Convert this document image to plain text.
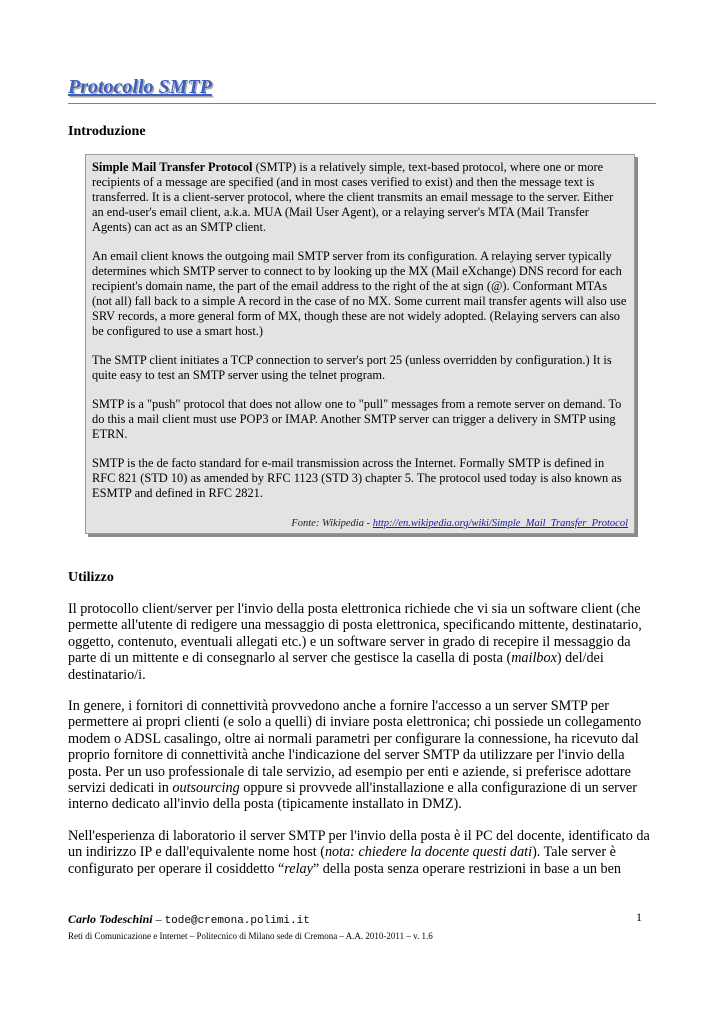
Protocollo SMTP
Introduzione

Simple Mail Transfer Protocol (SMTP) is a relatively simple, text-based protocol, where one or more recipients of a message are specified (and in most cases verified to exist) and then the message text is transferred. It is a client-server protocol, where the client transmits an email message to the server. Either an end-user's email client, a.k.a. MUA (Mail User Agent), or a relaying server's MTA (Mail Transfer Agents) can act as an SMTP client.

An email client knows the outgoing mail SMTP server from its configuration. A relaying server typically determines which SMTP server to connect to by looking up the MX (Mail eXchange) DNS record for each recipient's domain name, the part of the email address to the right of the at sign (@). Conformant MTAs (not all) fall back to a simple A record in the case of no MX. Some current mail transfer agents will also use SRV records, a more general form of MX, though these are not widely adopted. (Relaying servers can also be configured to use a smart host.)

The SMTP client initiates a TCP connection to server's port 25 (unless overridden by configuration.) It is quite easy to test an SMTP server using the telnet program.

SMTP is a "push" protocol that does not allow one to "pull" messages from a remote server on demand. To do this a mail client must use POP3 or IMAP. Another SMTP server can trigger a delivery in SMTP using ETRN.

SMTP is the de facto standard for e-mail transmission across the Internet. Formally SMTP is defined in RFC 821 (STD 10) as amended by RFC 1123 (STD 3) chapter 5. The protocol used today is also known as ESMTP and defined in RFC 2821.

Fonte: Wikipedia - http://en.wikipedia.org/wiki/Simple_Mail_Transfer_Protocol
Utilizzo

Il protocollo client/server per l'invio della posta elettronica richiede che vi sia un software client (che permette all'utente di redigere una messaggio di posta elettronica, specificando mittente, destinatario, oggetto, contenuto, eventuali allegati etc.) e un software server in grado di recepire il messaggio da parte di un mittente e di consegnarlo al server che gestisce la casella di posta (mailbox) del/dei destinatario/i.

In genere, i fornitori di connettività provvedono anche a fornire l'accesso a un server SMTP per permettere ai propri clienti (e solo a quelli) di inviare posta elettronica; chi possiede un collegamento modem o ADSL casalingo, oltre ai normali parametri per configurare la connessione, ha ricevuto dal proprio fornitore di connettività anche l'indicazione del server SMTP da utilizzare per l'invio della posta. Per un uso professionale di tale servizio, ad esempio per enti e aziende, si preferisce adottare servizi dedicati in outsourcing oppure si provvede all'installazione e alla configurazione di un server interno dedicato all'invio della posta (tipicamente installato in DMZ).

Nell'esperienza di laboratorio il server SMTP per l'invio della posta è il PC del docente, identificato da un indirizzo IP e dall'equivalente nome host (nota: chiedere la docente questi dati). Tale server è configurato per operare il cosiddetto “relay” della posta senza operare restrizioni in base a un ben

Carlo Todeschini – tode@cremona.polimi.it
Reti di Comunicazione e Internet – Politecnico di Milano sede di Cremona – A.A. 2010-2011 – v. 1.6
1
